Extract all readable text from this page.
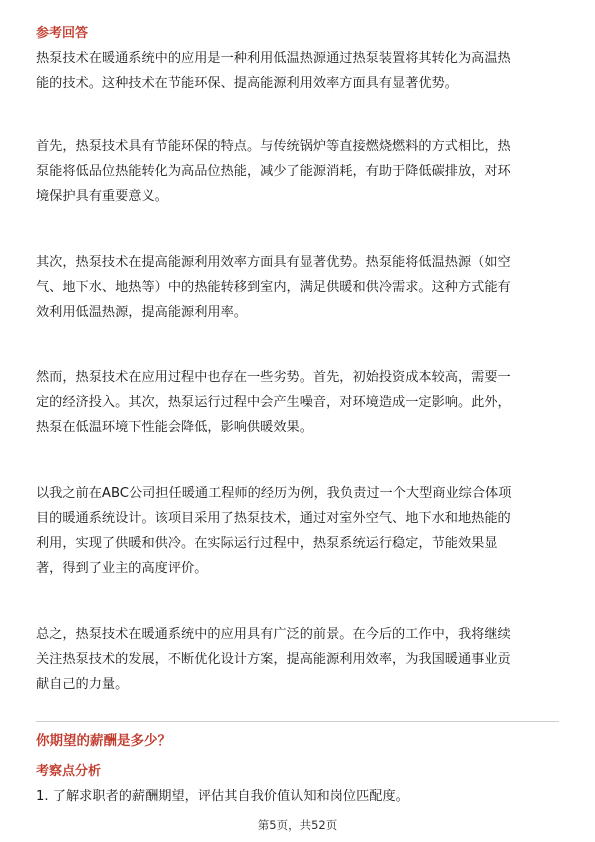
参考回答
热泵技术在暖通系统中的应用是一种利用低温热源通过热泵装置将其转化为高温热
能的技术。这种技术在节能环保、提高能源利用效率方面具有显著优势。
首先，热泵技术具有节能环保的特点。与传统锅炉等直接燃烧燃料的方式相比，热
泵能将低品位热能转化为高品位热能，减少了能源消耗，有助于降低碳排放，对环
境保护具有重要意义。
其次，热泵技术在提高能源利用效率方面具有显著优势。热泵能将低温热源（如空
气、地下水、地热等）中的热能转移到室内，满足供暖和供冷需求。这种方式能有
效利用低温热源，提高能源利用率。
然而，热泵技术在应用过程中也存在一些劣势。首先，初始投资成本较高，需要一
定的经济投入。其次，热泵运行过程中会产生噪音，对环境造成一定影响。此外，
热泵在低温环境下性能会降低，影响供暖效果。
以我之前在ABC公司担任暖通工程师的经历为例，我负责过一个大型商业综合体项
目的暖通系统设计。该项目采用了热泵技术，通过对室外空气、地下水和地热能的
利用，实现了供暖和供冷。在实际运行过程中，热泵系统运行稳定，节能效果显
著，得到了业主的高度评价。
总之，热泵技术在暖通系统中的应用具有广泛的前景。在今后的工作中，我将继续
关注热泵技术的发展，不断优化设计方案，提高能源利用效率，为我国暖通事业贡
献自己的力量。
你期望的薪酬是多少？
考察点分析
1. 了解求职者的薪酬期望，评估其自我价值认知和岗位匹配度。
第5页，共52页
